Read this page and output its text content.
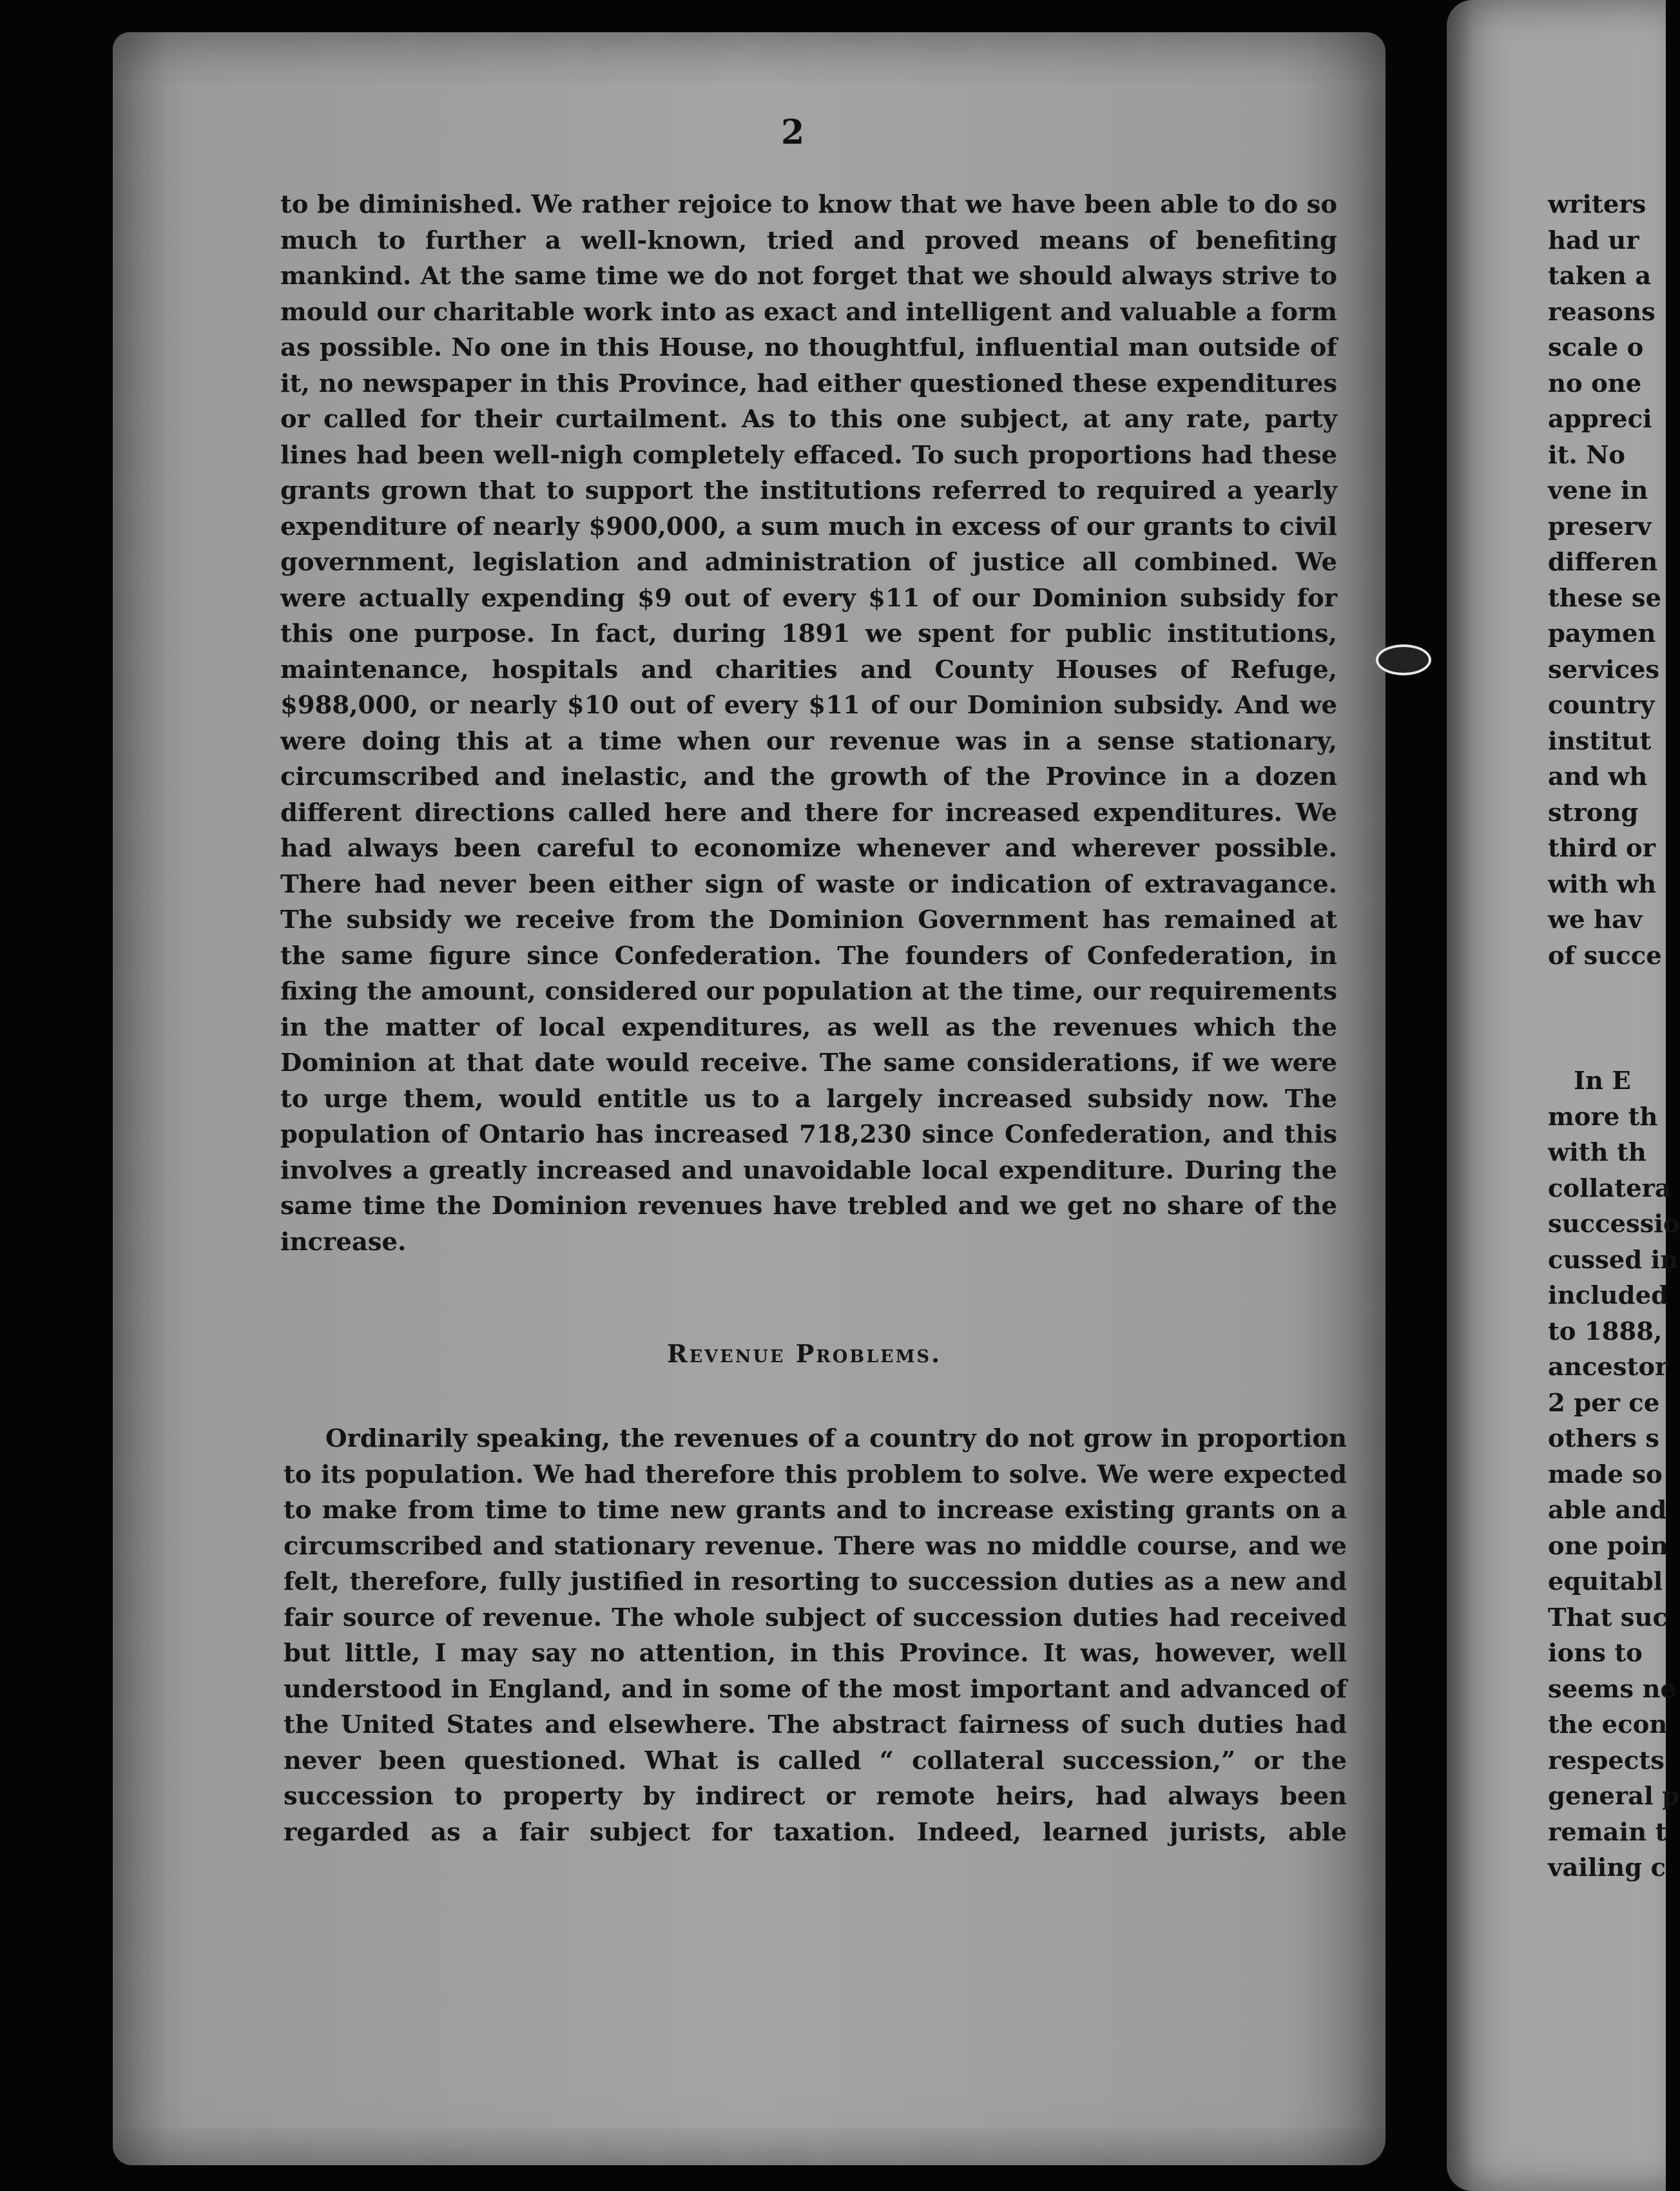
2

to be diminished. We rather rejoice to know that we have been able to do so much to further a well-known, tried and proved means of benefiting mankind. At the same time we do not forget that we should always strive to mould our charitable work into as exact and intelligent and valuable a form as possible. No one in this House, no thoughtful, influential man outside of it, no newspaper in this Province, had either questioned these expenditures or called for their curtailment. As to this one subject, at any rate, party lines had been well-nigh completely effaced. To such proportions had these grants grown that to support the institutions referred to required a yearly expenditure of nearly $900,000, a sum much in excess of our grants to civil government, legislation and administration of justice all combined. We were actually expending $9 out of every $11 of our Dominion subsidy for this one purpose. In fact, during 1891 we spent for public institutions, maintenance, hospitals and charities and County Houses of Refuge, $988,000, or nearly $10 out of every $11 of our Dominion subsidy. And we were doing this at a time when our revenue was in a sense stationary, circumscribed and inelastic, and the growth of the Province in a dozen different directions called here and there for increased expenditures. We had always been careful to economize whenever and wherever possible. There had never been either sign of waste or indication of extravagance. The subsidy we receive from the Dominion Government has remained at the same figure since Confederation. The founders of Confederation, in fixing the amount, considered our population at the time, our requirements in the matter of local expenditures, as well as the revenues which the Dominion at that date would receive. The same considerations, if we were to urge them, would entitle us to a largely increased subsidy now. The population of Ontario has increased 718,230 since Confederation, and this involves a greatly increased and unavoidable local expenditure. During the same time the Dominion revenues have trebled and we get no share of the increase.

Revenue Problems.

Ordinarily speaking, the revenues of a country do not grow in proportion to its population. We had therefore this problem to solve. We were expected to make from time to time new grants and to increase existing grants on a circumscribed and stationary revenue. There was no middle course, and we felt, therefore, fully justified in resorting to succession duties as a new and fair source of revenue. The whole subject of succession duties had received but little, I may say no attention, in this Province. It was, however, well understood in England, and in some of the most important and advanced of the United States and elsewhere. The abstract fairness of such duties had never been questioned. What is called “ collateral succession,” or the succession to property by indirect or remote heirs, had always been regarded as a fair subject for taxation. Indeed, learned jurists, able

writers
had ur
taken a
reasons
scale o
no one
appreci
it. No
vene in
preserv
differen
these se
paymen
services
country
institut
and wh
strong
third or
with wh
we hav
of succe
In E
more th
with th
collatera
successio
cussed in
included
to 1888,
ancestor
2 per ce
others s
made so
able and
one poin
equitabl
That suc
ions to
seems ne
the econ
respects
general p
remain t
vailing c
